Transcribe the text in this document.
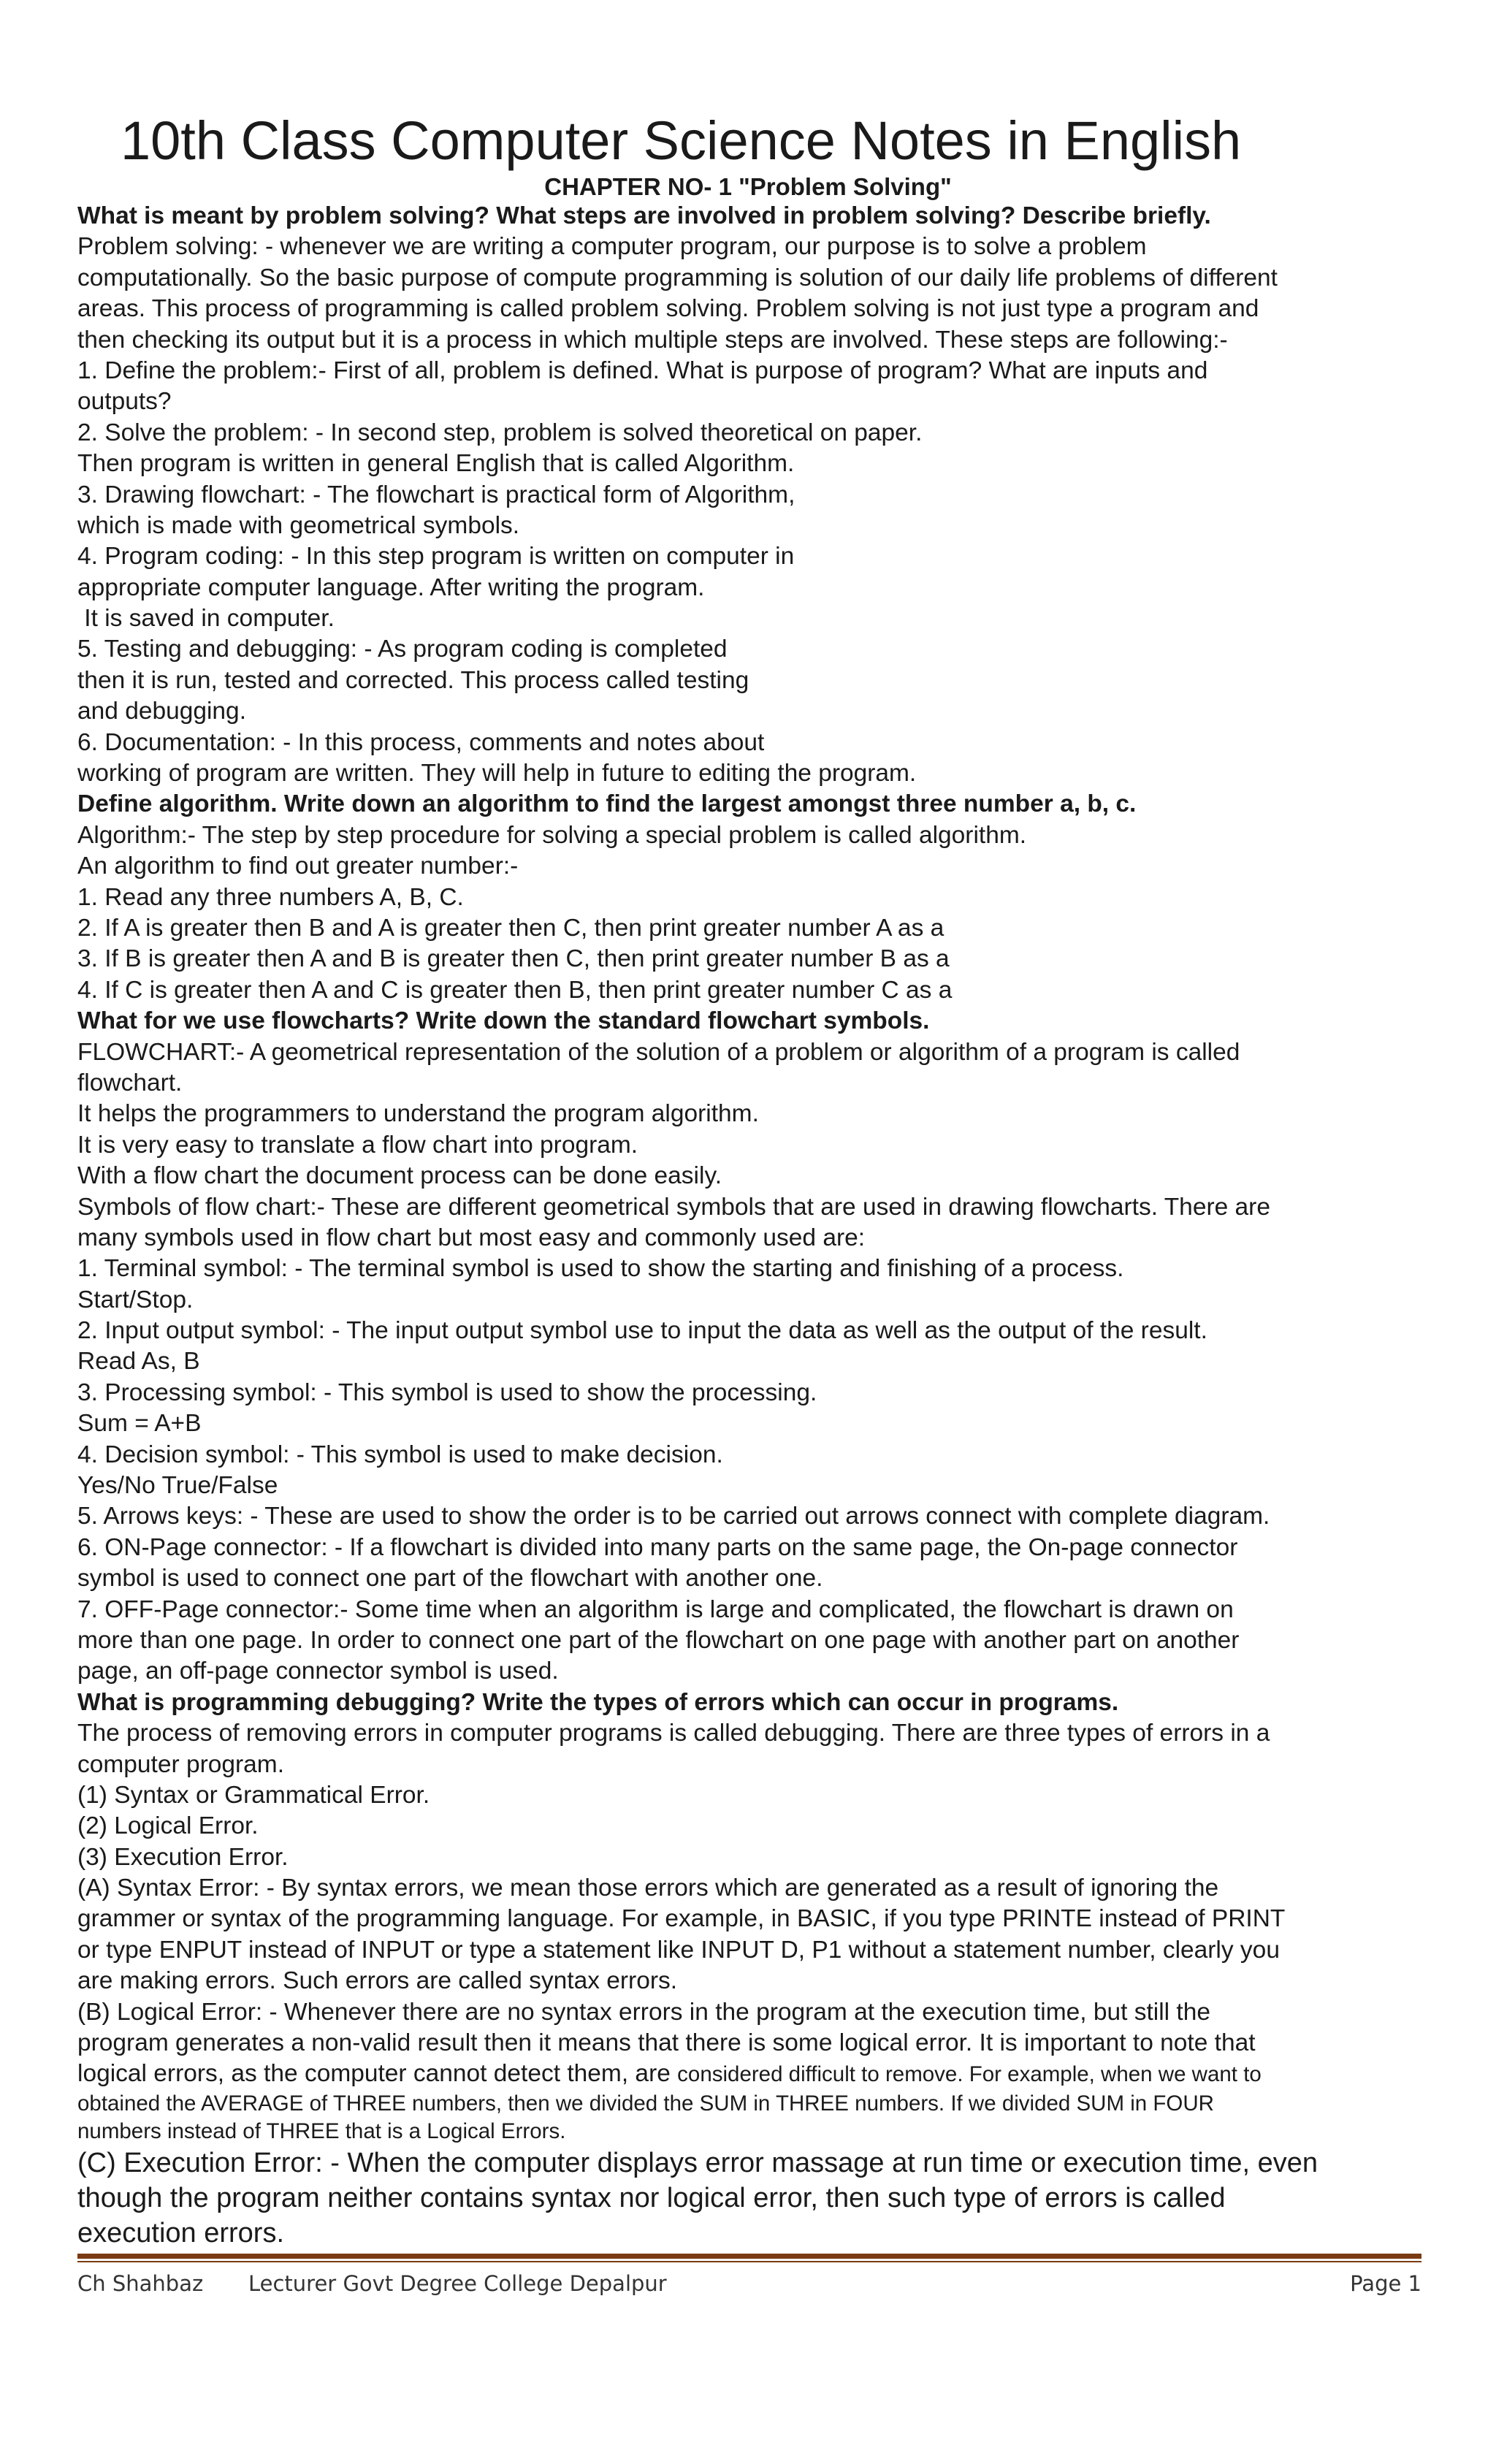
10th Class Computer Science Notes in English
CHAPTER NO- 1 "Problem Solving"
What is meant by problem solving? What steps are involved in problem solving? Describe briefly.
Problem solving: - whenever we are writing a computer program, our purpose is to solve a problem
computationally. So the basic purpose of compute programming is solution of our daily life problems of different
areas. This process of programming is called problem solving. Problem solving is not just type a program and
then checking its output but it is a process in which multiple steps are involved. These steps are following:-
1. Define the problem:- First of all, problem is defined. What is purpose of program? What are inputs and
outputs?
2. Solve the problem: - In second step, problem is solved theoretical on paper.
Then program is written in general English that is called Algorithm.
3. Drawing flowchart: - The flowchart is practical form of Algorithm,
which is made with geometrical symbols.
4. Program coding: - In this step program is written on computer in
appropriate computer language. After writing the program.
It is saved in computer.
5. Testing and debugging: - As program coding is completed
then it is run, tested and corrected. This process called testing
and debugging.
6. Documentation: - In this process, comments and notes about
working of program are written. They will help in future to editing the program.
Define algorithm. Write down an algorithm to find the largest amongst three number a, b, c.
Algorithm:- The step by step procedure for solving a special problem is called algorithm.
An algorithm to find out greater number:-
1. Read any three numbers A, B, C.
2. If A is greater then B and A is greater then C, then print greater number A as a
3. If B is greater then A and B is greater then C, then print greater number B as a
4. If C is greater then A and C is greater then B, then print greater number C as a
What for we use flowcharts? Write down the standard flowchart symbols.
FLOWCHART:- A geometrical representation of the solution of a problem or algorithm of a program is called
flowchart.
It helps the programmers to understand the program algorithm.
It is very easy to translate a flow chart into program.
With a flow chart the document process can be done easily.
Symbols of flow chart:- These are different geometrical symbols that are used in drawing flowcharts. There are
many symbols used in flow chart but most easy and commonly used are:
1. Terminal symbol: - The terminal symbol is used to show the starting and finishing of a process.
Start/Stop.
2. Input output symbol: - The input output symbol use to input the data as well as the output of the result.
Read As, B
3. Processing symbol: - This symbol is used to show the processing.
Sum = A+B
4. Decision symbol: - This symbol is used to make decision.
Yes/No True/False
5. Arrows keys: - These are used to show the order is to be carried out arrows connect with complete diagram.
6. ON-Page connector: - If a flowchart is divided into many parts on the same page, the On-page connector
symbol is used to connect one part of the flowchart with another one.
7. OFF-Page connector:- Some time when an algorithm is large and complicated, the flowchart is drawn on
more than one page. In order to connect one part of the flowchart on one page with another part on another
page, an off-page connector symbol is used.
What is programming debugging? Write the types of errors which can occur in programs.
The process of removing errors in computer programs is called debugging. There are three types of errors in a
computer program.
(1) Syntax or Grammatical Error.
(2) Logical Error.
(3) Execution Error.
(A) Syntax Error: - By syntax errors, we mean those errors which are generated as a result of ignoring the
grammer or syntax of the programming language. For example, in BASIC, if you type PRINTE instead of PRINT
or type ENPUT instead of INPUT or type a statement like INPUT D, P1 without a statement number, clearly you
are making errors. Such errors are called syntax errors.
(B) Logical Error: - Whenever there are no syntax errors in the program at the execution time, but still the
program generates a non-valid result then it means that there is some logical error. It is important to note that
logical errors, as the computer cannot detect them, are considered difficult to remove. For example, when we want to
obtained the AVERAGE of THREE numbers, then we divided the SUM in THREE numbers. If we divided SUM in FOUR
numbers instead of THREE that is a Logical Errors.
(C) Execution Error: - When the computer displays error massage at run time or execution time, even
though the program neither contains syntax nor logical error, then such type of errors is called
execution errors.
Ch Shahbaz Lecturer Govt Degree College Depalpur	Page 1
